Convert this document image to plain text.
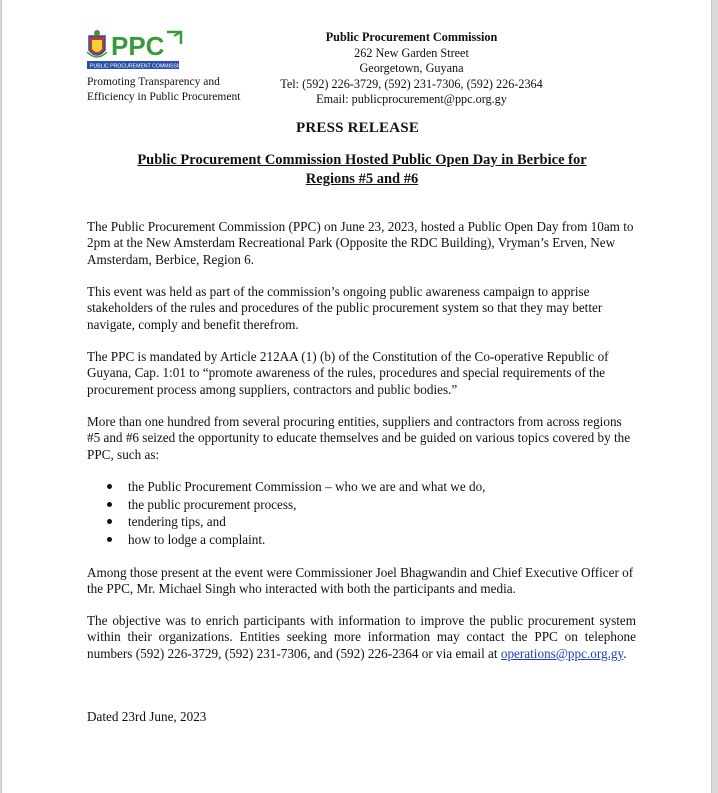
PPC
PUBLIC PROCUREMENT COMMISSION
Promoting Transparency and
Efficiency in Public Procurement
Public Procurement Commission
262 New Garden Street
Georgetown, Guyana
Tel: (592) 226-3729, (592) 231-7306, (592) 226-2364
Email: publicprocurement@ppc.org.gy
PRESS RELEASE
Public Procurement Commission Hosted Public Open Day in Berbice for
Regions #5 and #6
The Public Procurement Commission (PPC) on June 23, 2023, hosted a Public Open Day from 10am to 2pm at the New Amsterdam Recreational Park (Opposite the RDC Building), Vryman’s Erven, New Amsterdam, Berbice, Region 6.
This event was held as part of the commission’s ongoing public awareness campaign to apprise stakeholders of the rules and procedures of the public procurement system so that they may better navigate, comply and benefit therefrom.
The PPC is mandated by Article 212AA (1) (b) of the Constitution of the Co-operative Republic of Guyana, Cap. 1:01 to “promote awareness of the rules, procedures and special requirements of the procurement process among suppliers, contractors and public bodies.”
More than one hundred from several procuring entities, suppliers and contractors from across regions #5 and #6 seized the opportunity to educate themselves and be guided on various topics covered by the PPC, such as:
the Public Procurement Commission – who we are and what we do,
the public procurement process,
tendering tips, and
how to lodge a complaint.
Among those present at the event were Commissioner Joel Bhagwandin and Chief Executive Officer of the PPC, Mr. Michael Singh who interacted with both the participants and media.
The objective was to enrich participants with information to improve the public procurement system within their organizations. Entities seeking more information may contact the PPC on telephone numbers (592) 226-3729, (592) 231-7306, and (592) 226-2364 or via email at operations@ppc.org.gy.
Dated 23rd June, 2023
